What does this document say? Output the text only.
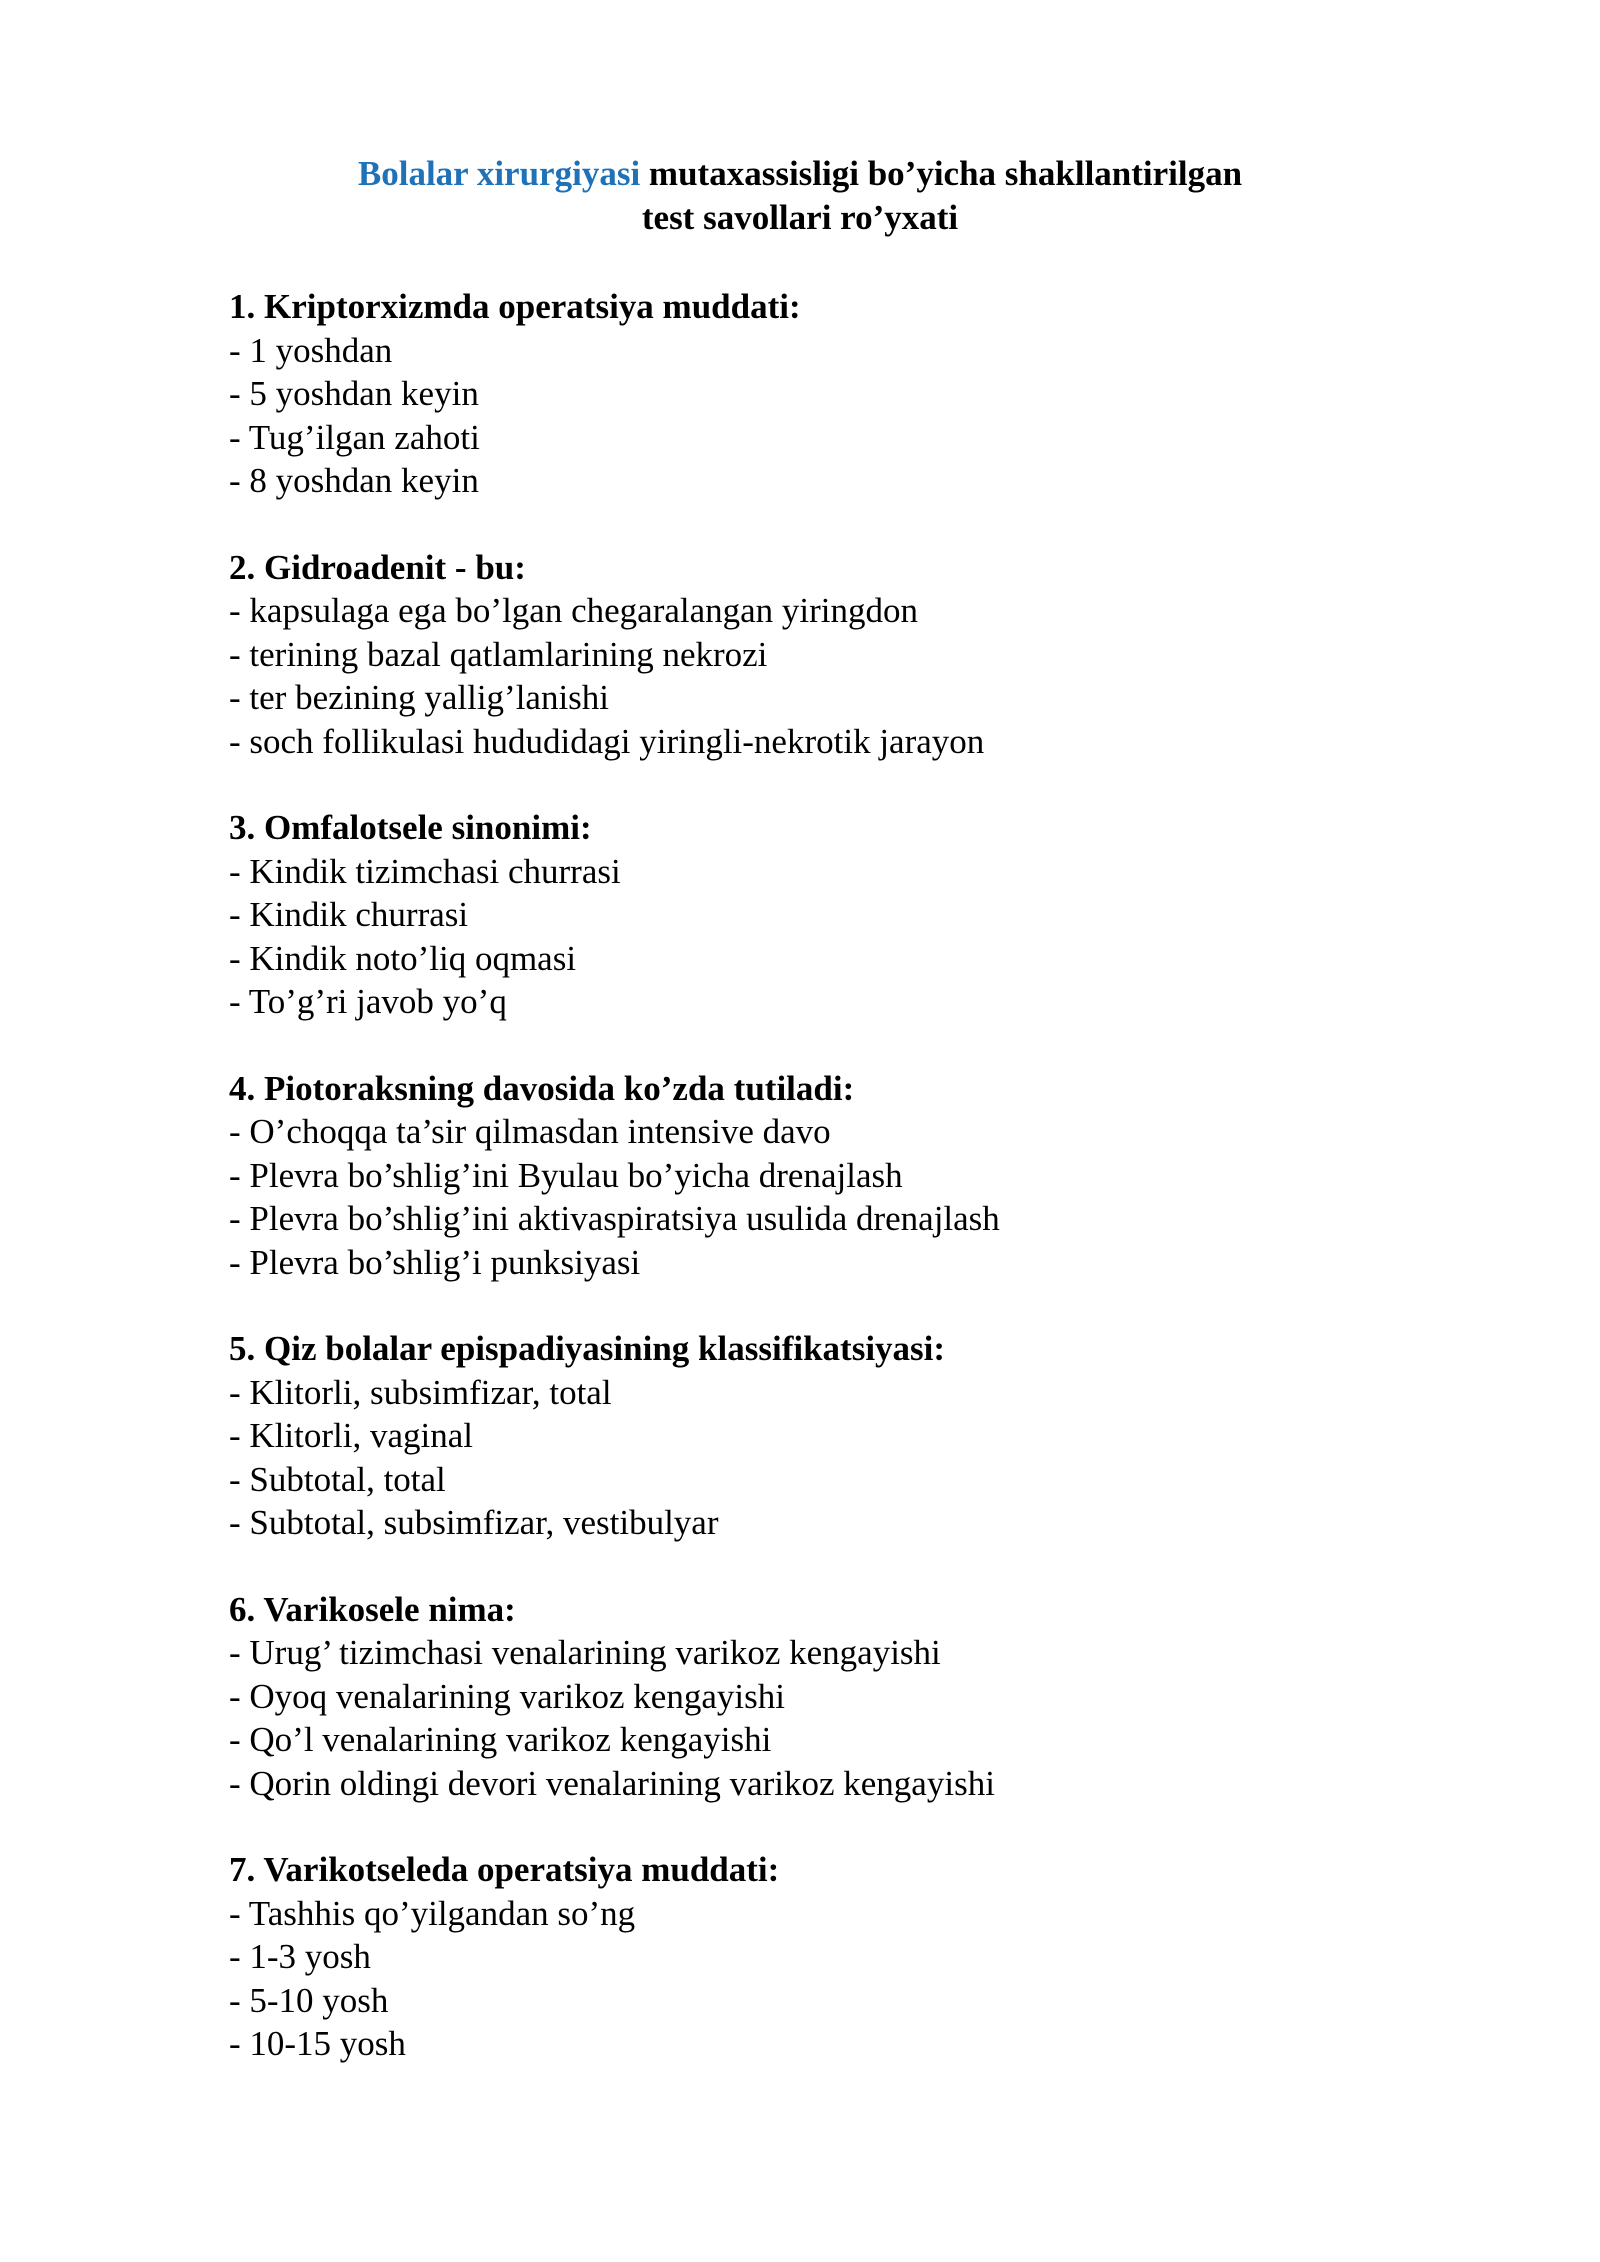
Bolalar xirurgiyasi mutaxassisligi bo’yicha shakllantirilgan
test savollari ro’yxati
1. Kriptorxizmda operatsiya muddati:
- 1 yoshdan
- 5 yoshdan keyin
- Tug’ilgan zahoti
- 8 yoshdan keyin
2. Gidroadenit - bu:
- kapsulaga ega bo’lgan chegaralangan yiringdon
- terining bazal qatlamlarining nekrozi
- ter bezining yallig’lanishi
- soch follikulasi hududidagi yiringli-nekrotik jarayon
3. Omfalotsele sinonimi:
- Kindik tizimchasi churrasi
- Kindik churrasi
- Kindik noto’liq oqmasi
- To’g’ri javob yo’q
4. Piotoraksning davosida ko’zda tutiladi:
- O’choqqa ta’sir qilmasdan intensive davo
- Plevra bo’shlig’ini Byulau bo’yicha drenajlash
- Plevra bo’shlig’ini aktivaspiratsiya usulida drenajlash
- Plevra bo’shlig’i punksiyasi
5. Qiz bolalar epispadiyasining klassifikatsiyasi:
- Klitorli, subsimfizar, total
- Klitorli, vaginal
- Subtotal, total
- Subtotal, subsimfizar, vestibulyar
6. Varikosele nima:
- Urug’ tizimchasi venalarining varikoz kengayishi
- Oyoq venalarining varikoz kengayishi
- Qo’l venalarining varikoz kengayishi
- Qorin oldingi devori venalarining varikoz kengayishi
7. Varikotseleda operatsiya muddati:
- Tashhis qo’yilgandan so’ng
- 1-3 yosh
- 5-10 yosh
- 10-15 yosh
